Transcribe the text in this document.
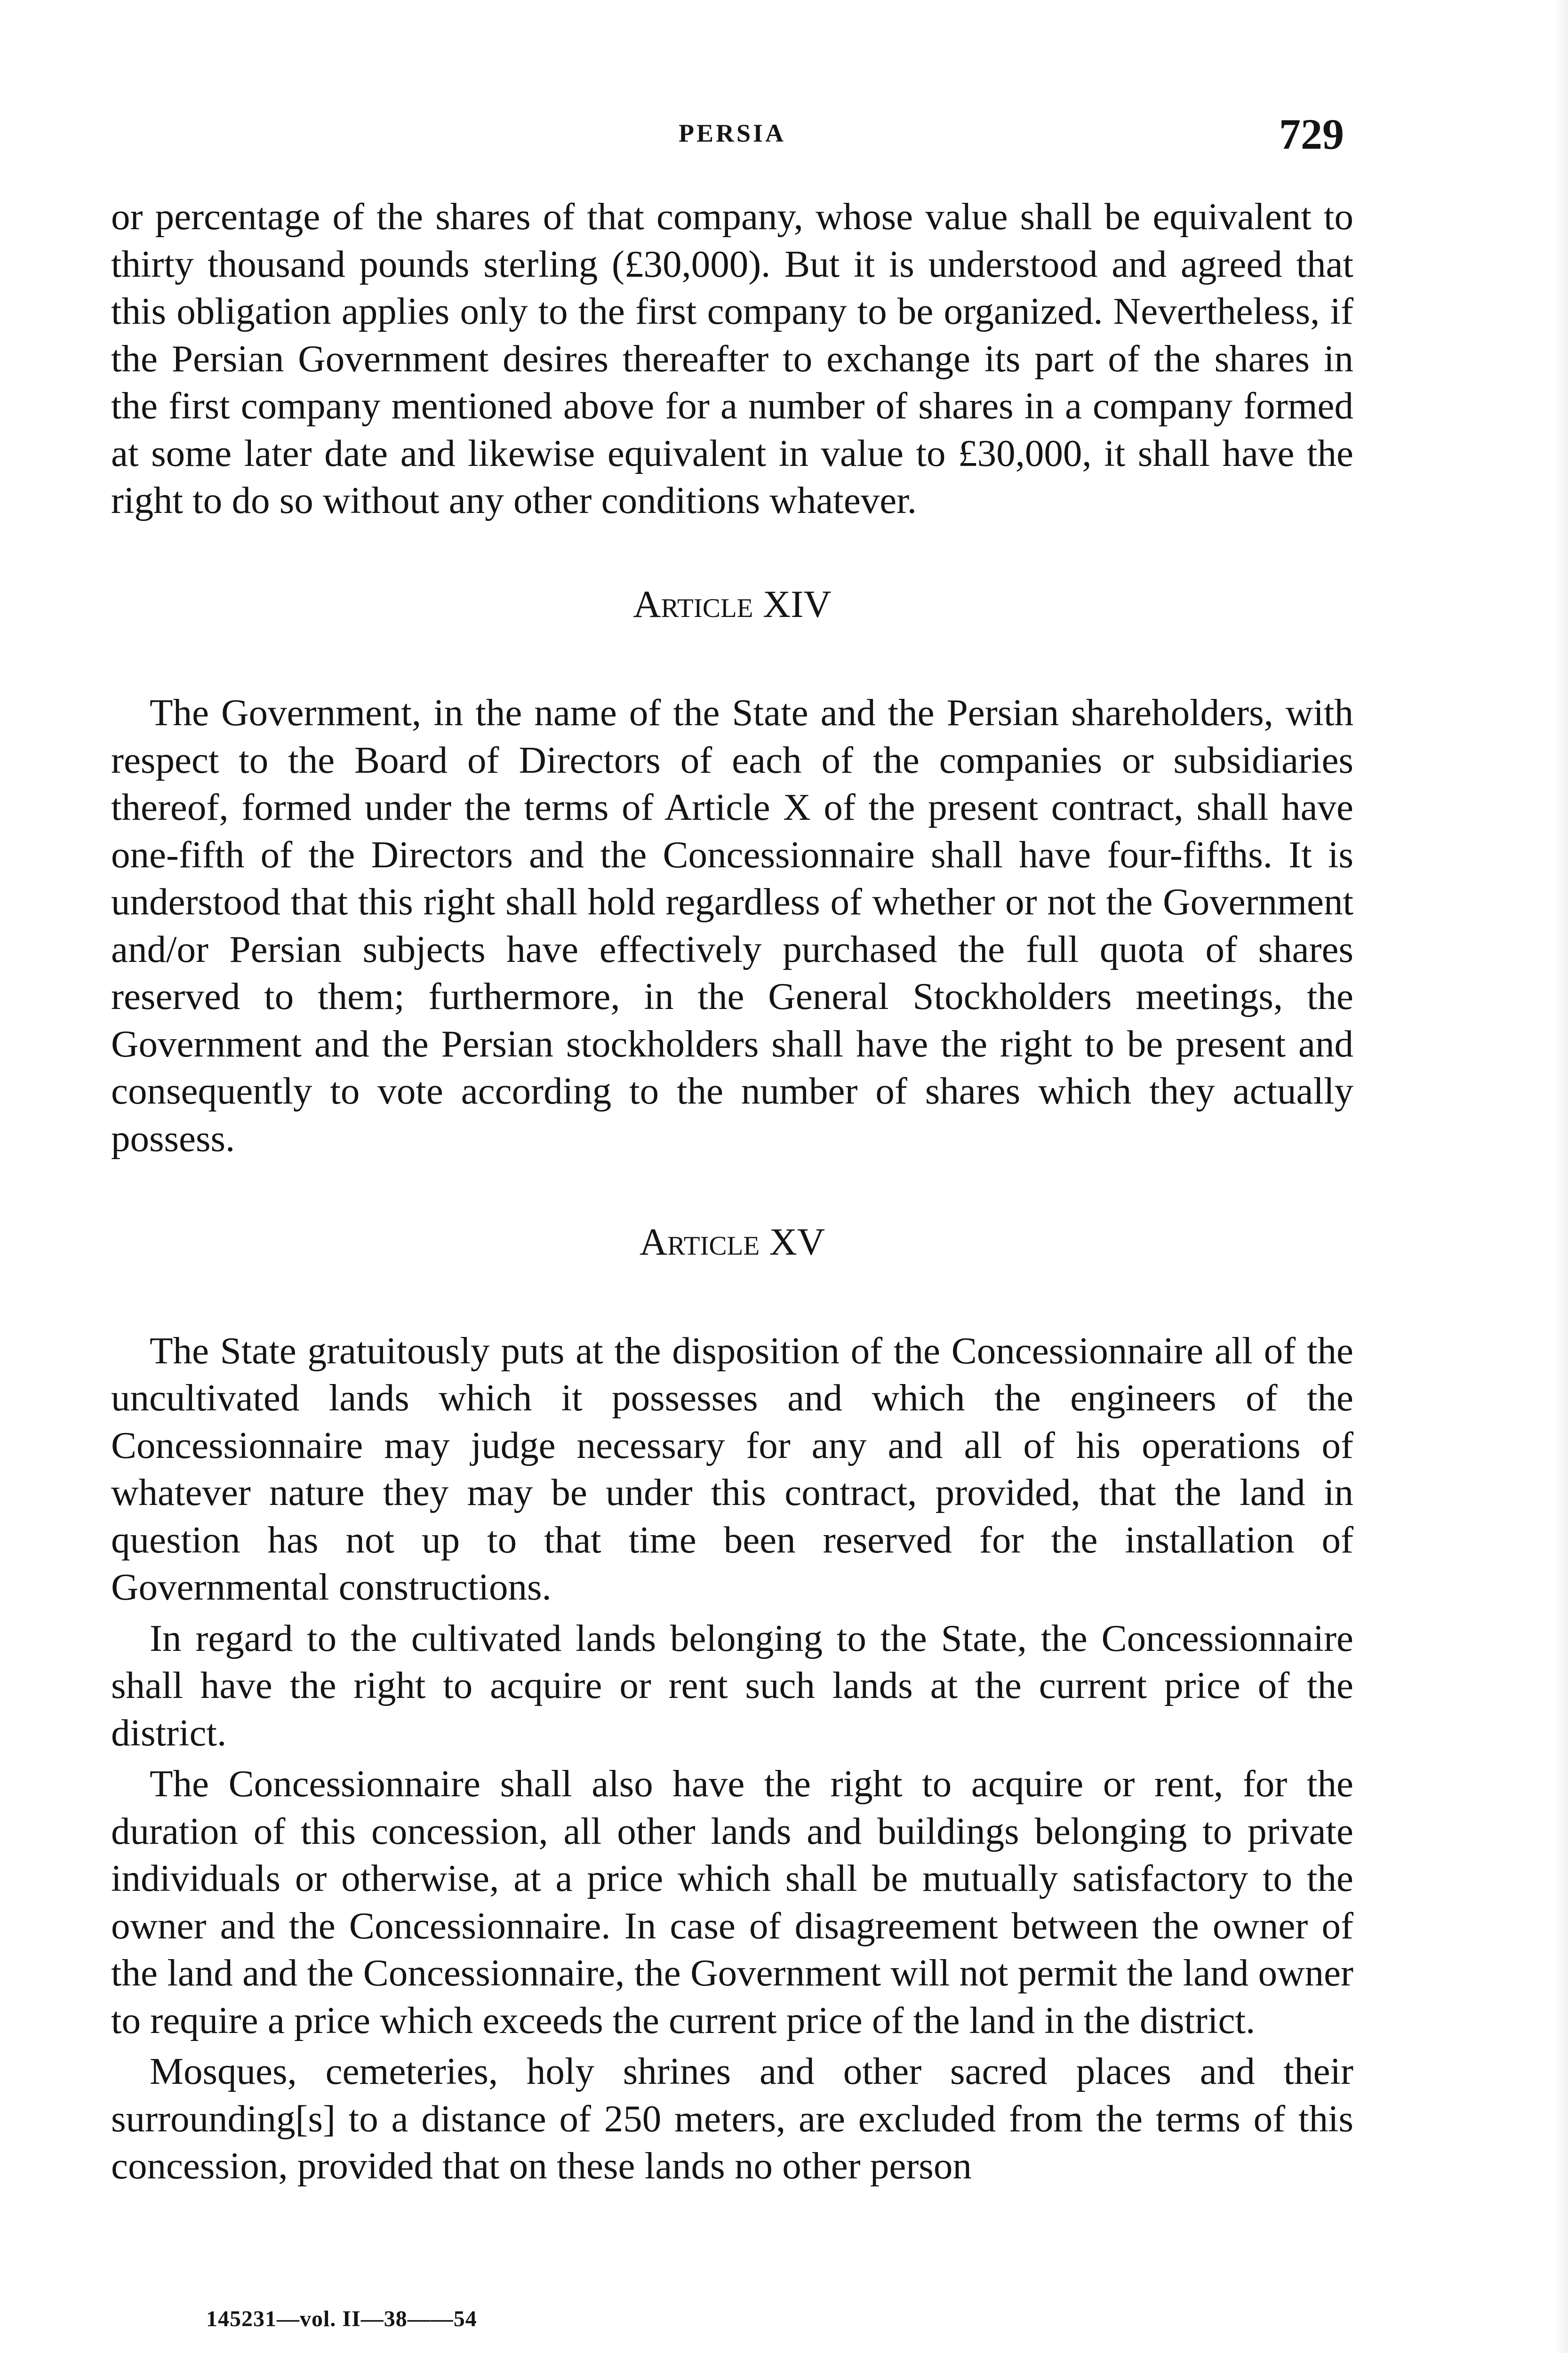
PERSIA	729

or percentage of the shares of that company, whose value shall be equivalent to thirty thousand pounds sterling (£30,000). But it is understood and agreed that this obligation applies only to the first company to be organized. Nevertheless, if the Persian Government desires thereafter to exchange its part of the shares in the first company mentioned above for a number of shares in a company formed at some later date and likewise equivalent in value to £30,000, it shall have the right to do so without any other conditions whatever.

Article XIV

The Government, in the name of the State and the Persian shareholders, with respect to the Board of Directors of each of the companies or subsidiaries thereof, formed under the terms of Article X of the present contract, shall have one-fifth of the Directors and the Concessionnaire shall have four-fifths. It is understood that this right shall hold regardless of whether or not the Government and/or Persian subjects have effectively purchased the full quota of shares reserved to them; furthermore, in the General Stockholders meetings, the Government and the Persian stockholders shall have the right to be present and consequently to vote according to the number of shares which they actually possess.

Article XV

The State gratuitously puts at the disposition of the Concessionnaire all of the uncultivated lands which it possesses and which the engineers of the Concessionnaire may judge necessary for any and all of his operations of whatever nature they may be under this contract, provided, that the land in question has not up to that time been reserved for the installation of Governmental constructions.

In regard to the cultivated lands belonging to the State, the Concessionnaire shall have the right to acquire or rent such lands at the current price of the district.

The Concessionnaire shall also have the right to acquire or rent, for the duration of this concession, all other lands and buildings belonging to private individuals or otherwise, at a price which shall be mutually satisfactory to the owner and the Concessionnaire. In case of disagreement between the owner of the land and the Concessionnaire, the Government will not permit the land owner to require a price which exceeds the current price of the land in the district.

Mosques, cemeteries, holy shrines and other sacred places and their surrounding[s] to a distance of 250 meters, are excluded from the terms of this concession, provided that on these lands no other person

145231—vol. II—38——54
